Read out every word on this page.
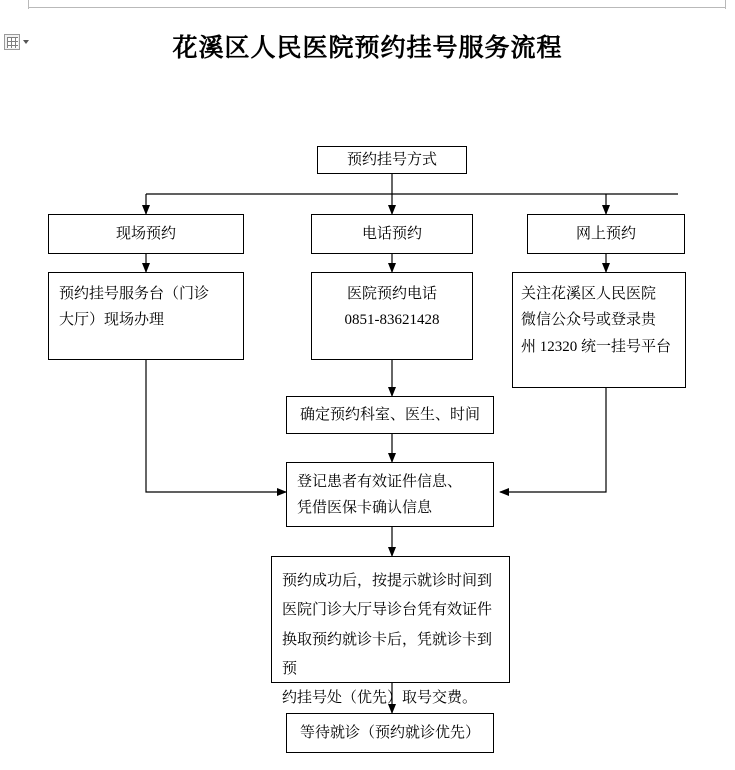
花溪区人民医院预约挂号服务流程
预约挂号方式
现场预约	电话预约	网上预约
预约挂号服务台（门诊
大厅）现场办理
医院预约电话
0851-83621428
关注花溪区人民医院
微信公众号或登录贵
州 12320 统一挂号平台
确定预约科室、医生、时间
登记患者有效证件信息、
凭借医保卡确认信息
预约成功后，按提示就诊时间到
医院门诊大厅导诊台凭有效证件
换取预约就诊卡后，凭就诊卡到预
约挂号处（优先）取号交费。
等待就诊（预约就诊优先）
